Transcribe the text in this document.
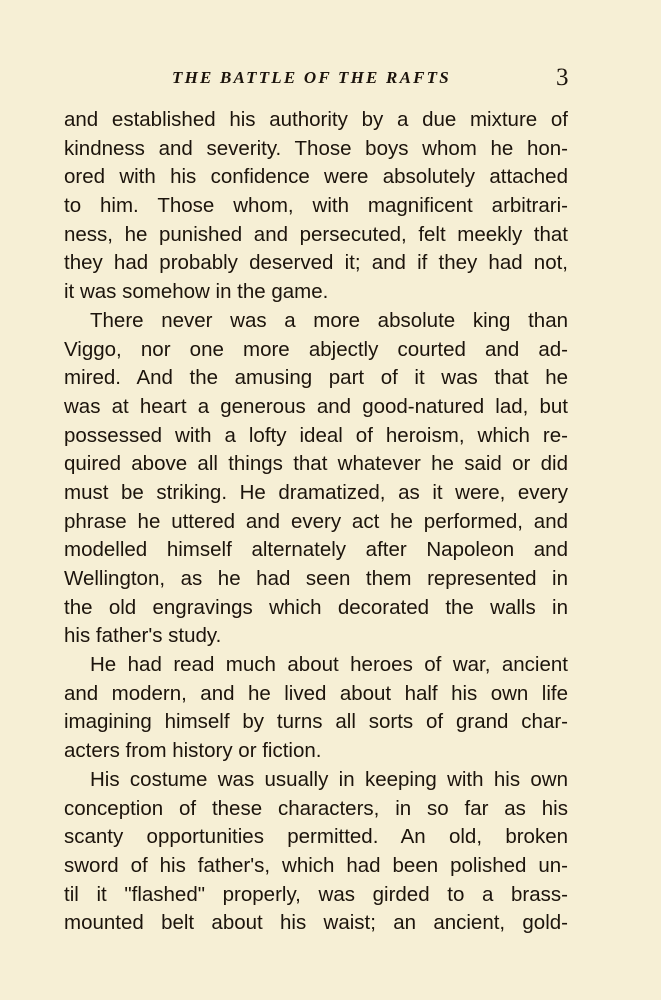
THE BATTLE OF THE RAFTS	3
and established his authority by a due mixture of
kindness and severity. Those boys whom he hon-
ored with his confidence were absolutely attached
to him. Those whom, with magnificent arbitrari-
ness, he punished and persecuted, felt meekly that
they had probably deserved it; and if they had not,
it was somehow in the game.
There never was a more absolute king than
Viggo, nor one more abjectly courted and ad-
mired. And the amusing part of it was that he
was at heart a generous and good-natured lad, but
possessed with a lofty ideal of heroism, which re-
quired above all things that whatever he said or did
must be striking. He dramatized, as it were, every
phrase he uttered and every act he performed, and
modelled himself alternately after Napoleon and
Wellington, as he had seen them represented in
the old engravings which decorated the walls in
his father's study.
He had read much about heroes of war, ancient
and modern, and he lived about half his own life
imagining himself by turns all sorts of grand char-
acters from history or fiction.
His costume was usually in keeping with his own
conception of these characters, in so far as his
scanty opportunities permitted. An old, broken
sword of his father's, which had been polished un-
til it "flashed" properly, was girded to a brass-
mounted belt about his waist; an ancient, gold-
